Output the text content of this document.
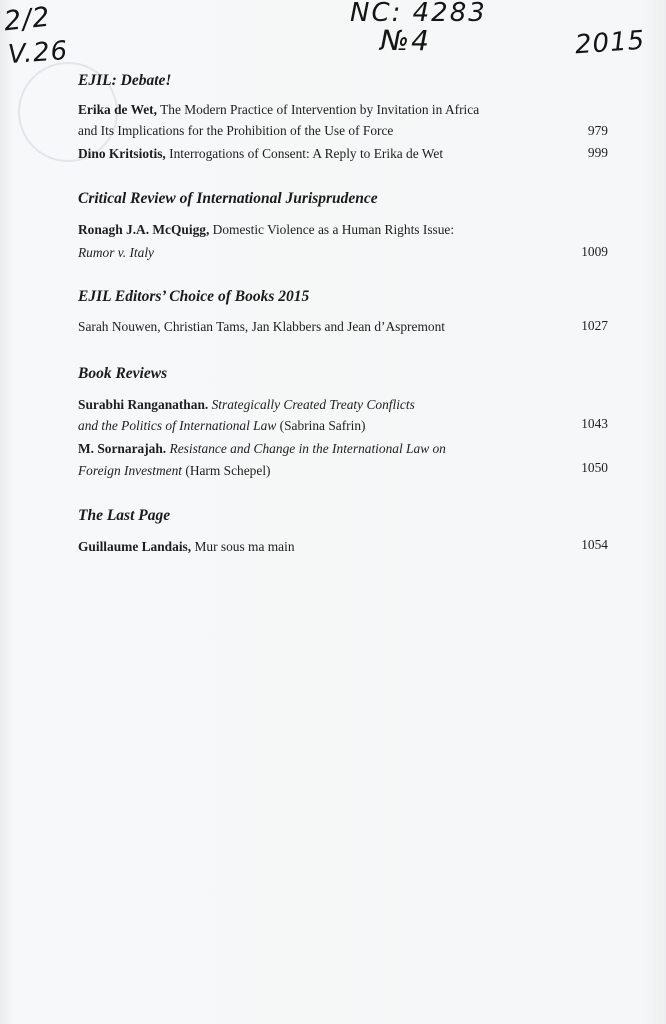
2/2
V.26
NC: 4283
№4	2015
EJIL: Debate!
Erika de Wet, The Modern Practice of Intervention by Invitation in Africa
and Its Implications for the Prohibition of the Use of Force	979
Dino Kritsiotis, Interrogations of Consent: A Reply to Erika de Wet	999
Critical Review of International Jurisprudence
Ronagh J.A. McQuigg, Domestic Violence as a Human Rights Issue:
Rumor v. Italy	1009
EJIL Editors’ Choice of Books 2015
Sarah Nouwen, Christian Tams, Jan Klabbers and Jean d’Aspremont	1027
Book Reviews
Surabhi Ranganathan. Strategically Created Treaty Conflicts
and the Politics of International Law (Sabrina Safrin)	1043
M. Sornarajah. Resistance and Change in the International Law on
Foreign Investment (Harm Schepel)	1050
The Last Page
Guillaume Landais, Mur sous ma main	1054
